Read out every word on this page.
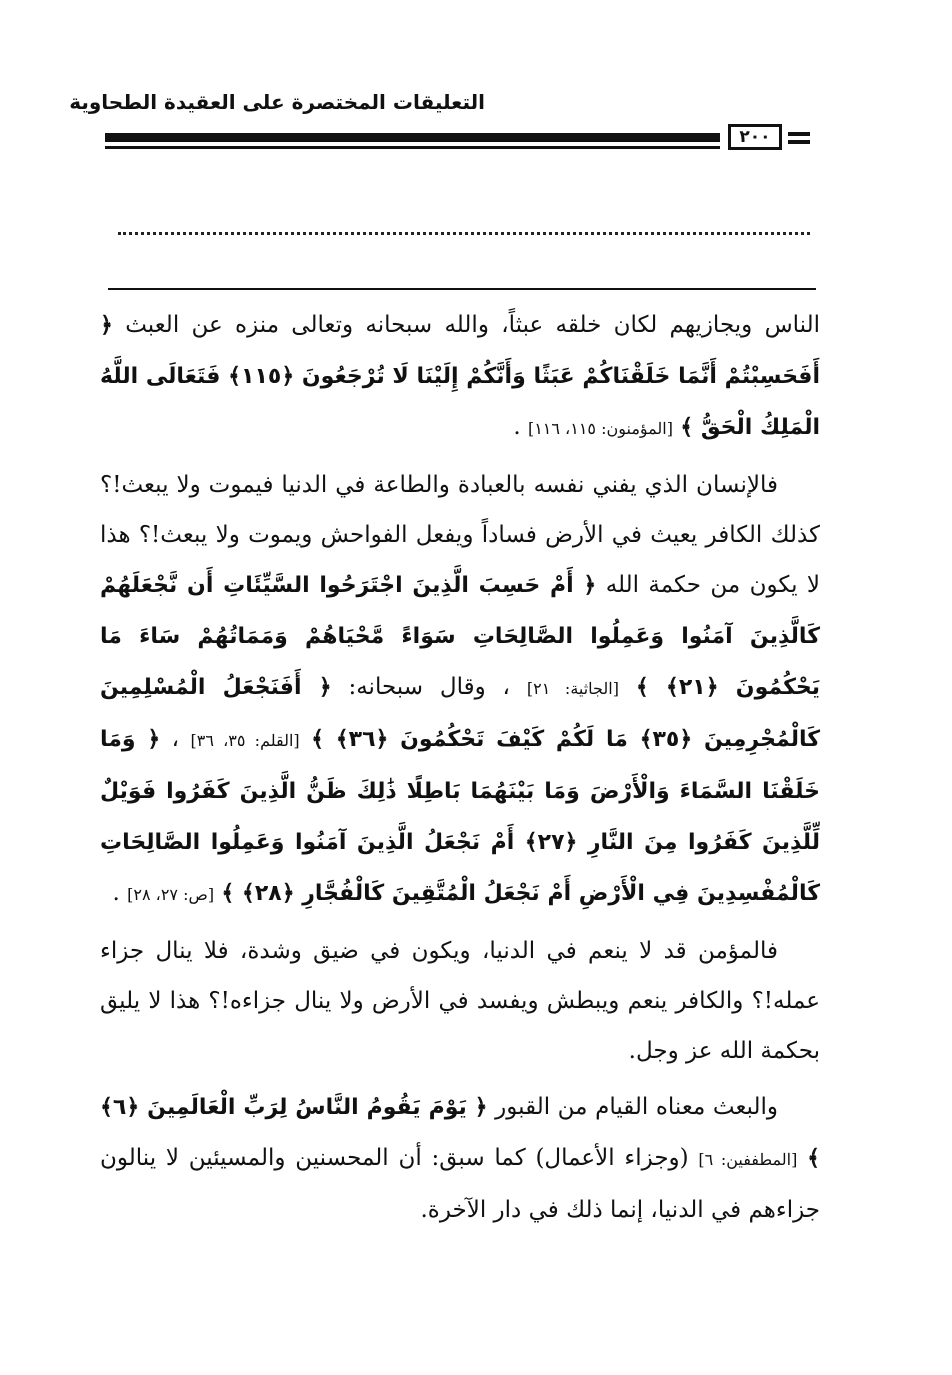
التعليقات المختصرة على العقيدة الطحاوية
٢٠٠

الناس ويجازيهم لكان خلقه عبثاً، والله سبحانه وتعالى منزه عن العبث ﴿ أَفَحَسِبْتُمْ أَنَّمَا خَلَقْنَاكُمْ عَبَثًا وَأَنَّكُمْ إِلَيْنَا لَا تُرْجَعُونَ ﴿١١٥﴾ فَتَعَالَى اللَّهُ الْمَلِكُ الْحَقُّ ﴾ [المؤمنون: ١١٥، ١١٦] .

فالإنسان الذي يفني نفسه بالعبادة والطاعة في الدنيا فيموت ولا يبعث!؟ كذلك الكافر يعيث في الأرض فساداً ويفعل الفواحش ويموت ولا يبعث!؟ هذا لا يكون من حكمة الله ﴿ أَمْ حَسِبَ الَّذِينَ اجْتَرَحُوا السَّيِّئَاتِ أَن نَّجْعَلَهُمْ كَالَّذِينَ آمَنُوا وَعَمِلُوا الصَّالِحَاتِ سَوَاءً مَّحْيَاهُمْ وَمَمَاتُهُمْ سَاءَ مَا يَحْكُمُونَ ﴿٢١﴾ ﴾ [الجاثية: ٢١] ، وقال سبحانه: ﴿ أَفَنَجْعَلُ الْمُسْلِمِينَ كَالْمُجْرِمِينَ ﴿٣٥﴾ مَا لَكُمْ كَيْفَ تَحْكُمُونَ ﴿٣٦﴾ ﴾ [القلم: ٣٥، ٣٦] ، ﴿ وَمَا خَلَقْنَا السَّمَاءَ وَالْأَرْضَ وَمَا بَيْنَهُمَا بَاطِلًا ذَٰلِكَ ظَنُّ الَّذِينَ كَفَرُوا فَوَيْلٌ لِّلَّذِينَ كَفَرُوا مِنَ النَّارِ ﴿٢٧﴾ أَمْ نَجْعَلُ الَّذِينَ آمَنُوا وَعَمِلُوا الصَّالِحَاتِ كَالْمُفْسِدِينَ فِي الْأَرْضِ أَمْ نَجْعَلُ الْمُتَّقِينَ كَالْفُجَّارِ ﴿٢٨﴾ ﴾ [ص: ٢٧، ٢٨] .

فالمؤمن قد لا ينعم في الدنيا، ويكون في ضيق وشدة، فلا ينال جزاء عمله!؟ والكافر ينعم ويبطش ويفسد في الأرض ولا ينال جزاءه!؟ هذا لا يليق بحكمة الله عز وجل.

والبعث معناه القيام من القبور ﴿ يَوْمَ يَقُومُ النَّاسُ لِرَبِّ الْعَالَمِينَ ﴿٦﴾ ﴾ [المطففين: ٦] (وجزاء الأعمال) كما سبق: أن المحسنين والمسيئين لا ينالون جزاءهم في الدنيا، إنما ذلك في دار الآخرة.
